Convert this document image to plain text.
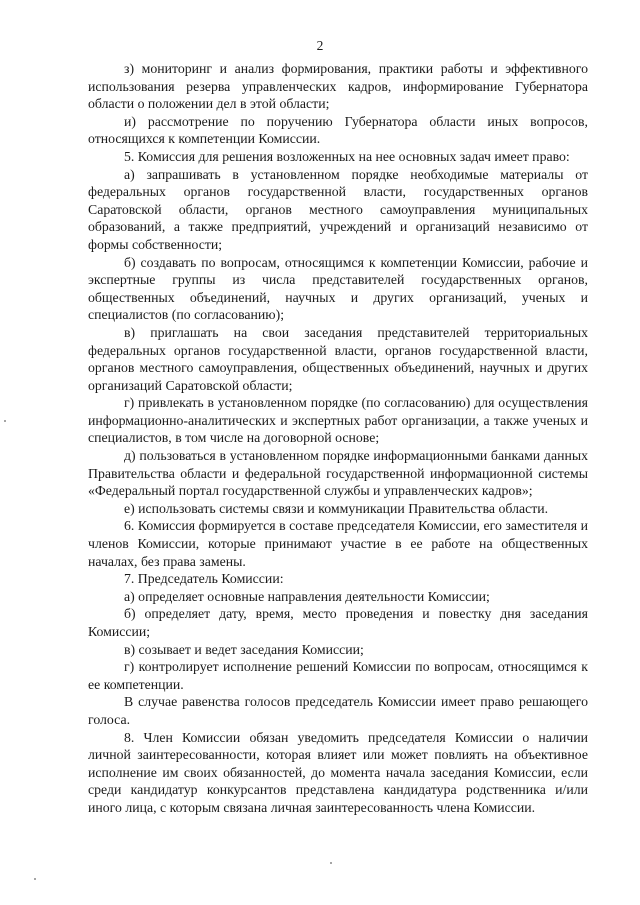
2

з) мониторинг и анализ формирования, практики работы и эффективного использования резерва управленческих кадров, информирование Губернатора области о положении дел в этой области;

и) рассмотрение по поручению Губернатора области иных вопросов, относящихся к компетенции Комиссии.

5. Комиссия для решения возложенных на нее основных задач имеет право:

а) запрашивать в установленном порядке необходимые материалы от федеральных органов государственной власти, государственных органов Саратовской области, органов местного самоуправления муниципальных образований, а также предприятий, учреждений и организаций независимо от формы собственности;

б) создавать по вопросам, относящимся к компетенции Комиссии, рабочие и экспертные группы из числа представителей государственных органов, общественных объединений, научных и других организаций, ученых и специалистов (по согласованию);

в) приглашать на свои заседания представителей территориальных федеральных органов государственной власти, органов государственной власти, органов местного самоуправления, общественных объединений, научных и других организаций Саратовской области;

г) привлекать в установленном порядке (по согласованию) для осуществления информационно-аналитических и экспертных работ организации, а также ученых и специалистов, в том числе на договорной основе;

д) пользоваться в установленном порядке информационными банками данных Правительства области и федеральной государственной информационной системы «Федеральный портал государственной службы и управленческих кадров»;

е) использовать системы связи и коммуникации Правительства области.

6. Комиссия формируется в составе председателя Комиссии, его заместителя и членов Комиссии, которые принимают участие в ее работе на общественных началах, без права замены.

7. Председатель Комиссии:

а) определяет основные направления деятельности Комиссии;

б) определяет дату, время, место проведения и повестку дня заседания Комиссии;

в) созывает и ведет заседания Комиссии;

г) контролирует исполнение решений Комиссии по вопросам, относящимся к ее компетенции.

В случае равенства голосов председатель Комиссии имеет право решающего голоса.

8. Член Комиссии обязан уведомить председателя Комиссии о наличии личной заинтересованности, которая влияет или может повлиять на объективное исполнение им своих обязанностей, до момента начала заседания Комиссии, если среди кандидатур конкурсантов представлена кандидатура родственника и/или иного лица, с которым связана личная заинтересованность члена Комиссии.
